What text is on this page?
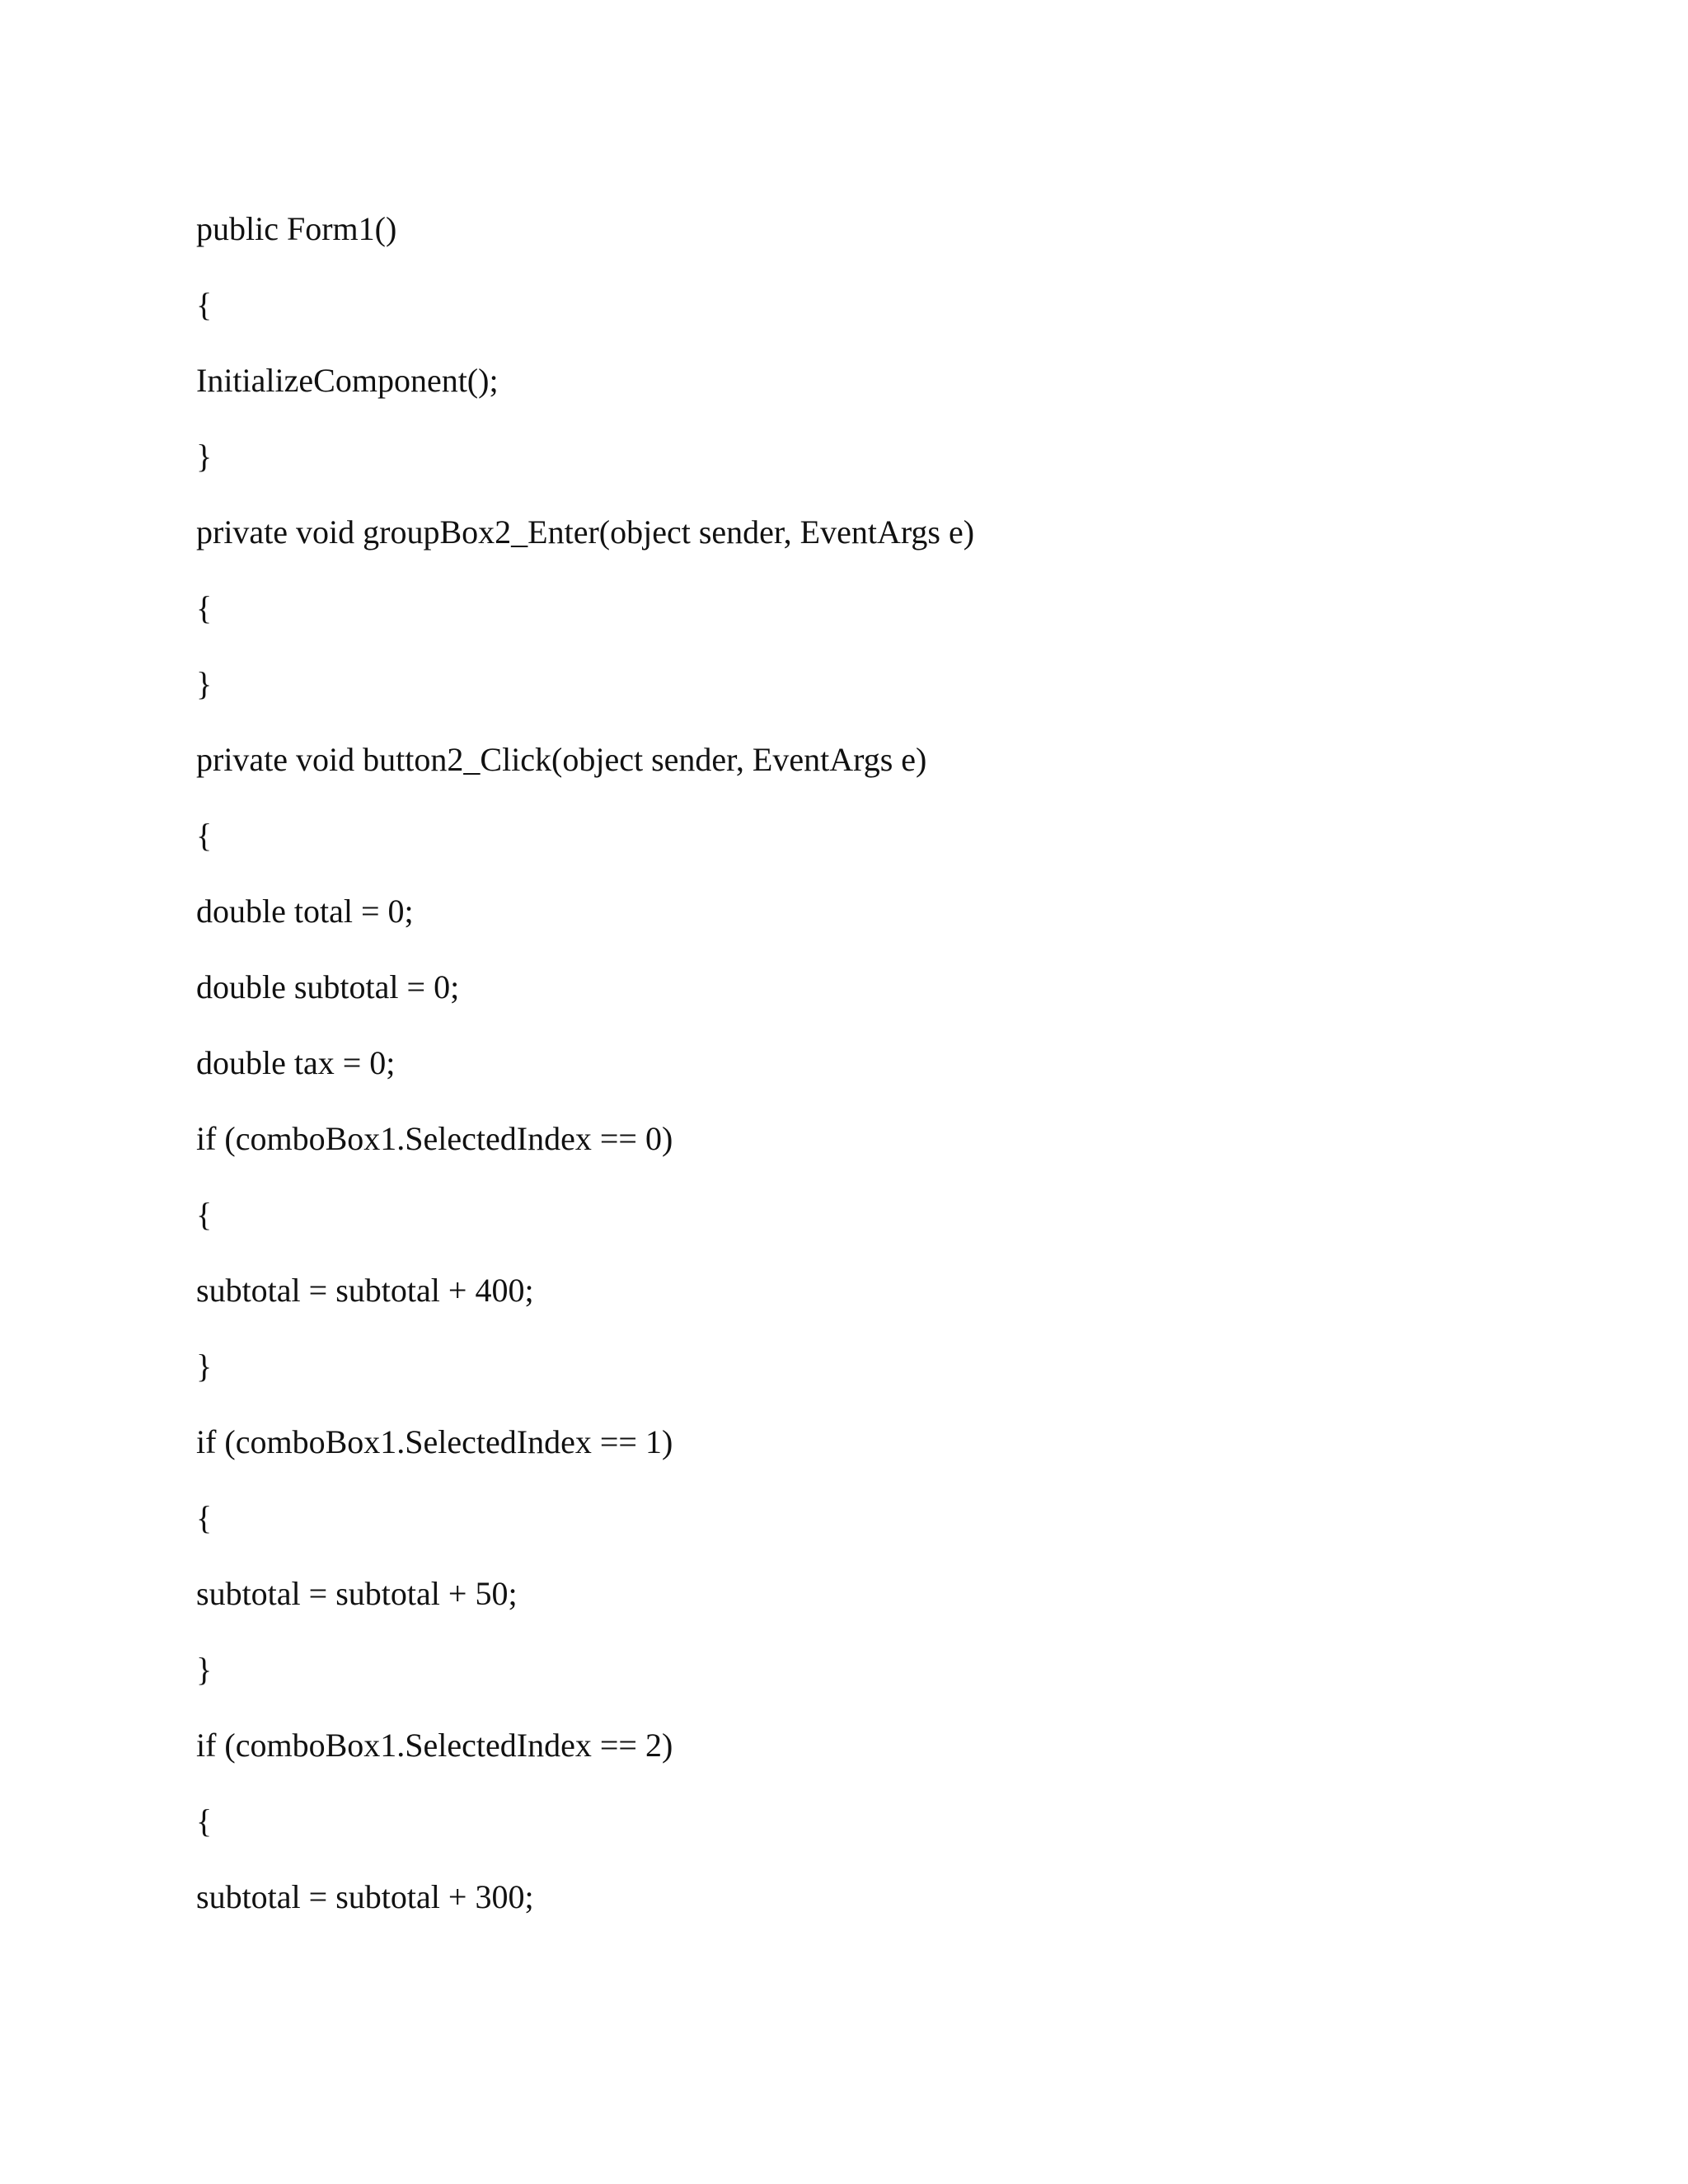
public Form1()
{
InitializeComponent();
}
private void groupBox2_Enter(object sender, EventArgs e)
{
}
private void button2_Click(object sender, EventArgs e)
{
double total = 0;
double subtotal = 0;
double tax = 0;
if (comboBox1.SelectedIndex == 0)
{
subtotal = subtotal + 400;
}
if (comboBox1.SelectedIndex == 1)
{
subtotal = subtotal + 50;
}
if (comboBox1.SelectedIndex == 2)
{
subtotal = subtotal + 300;
